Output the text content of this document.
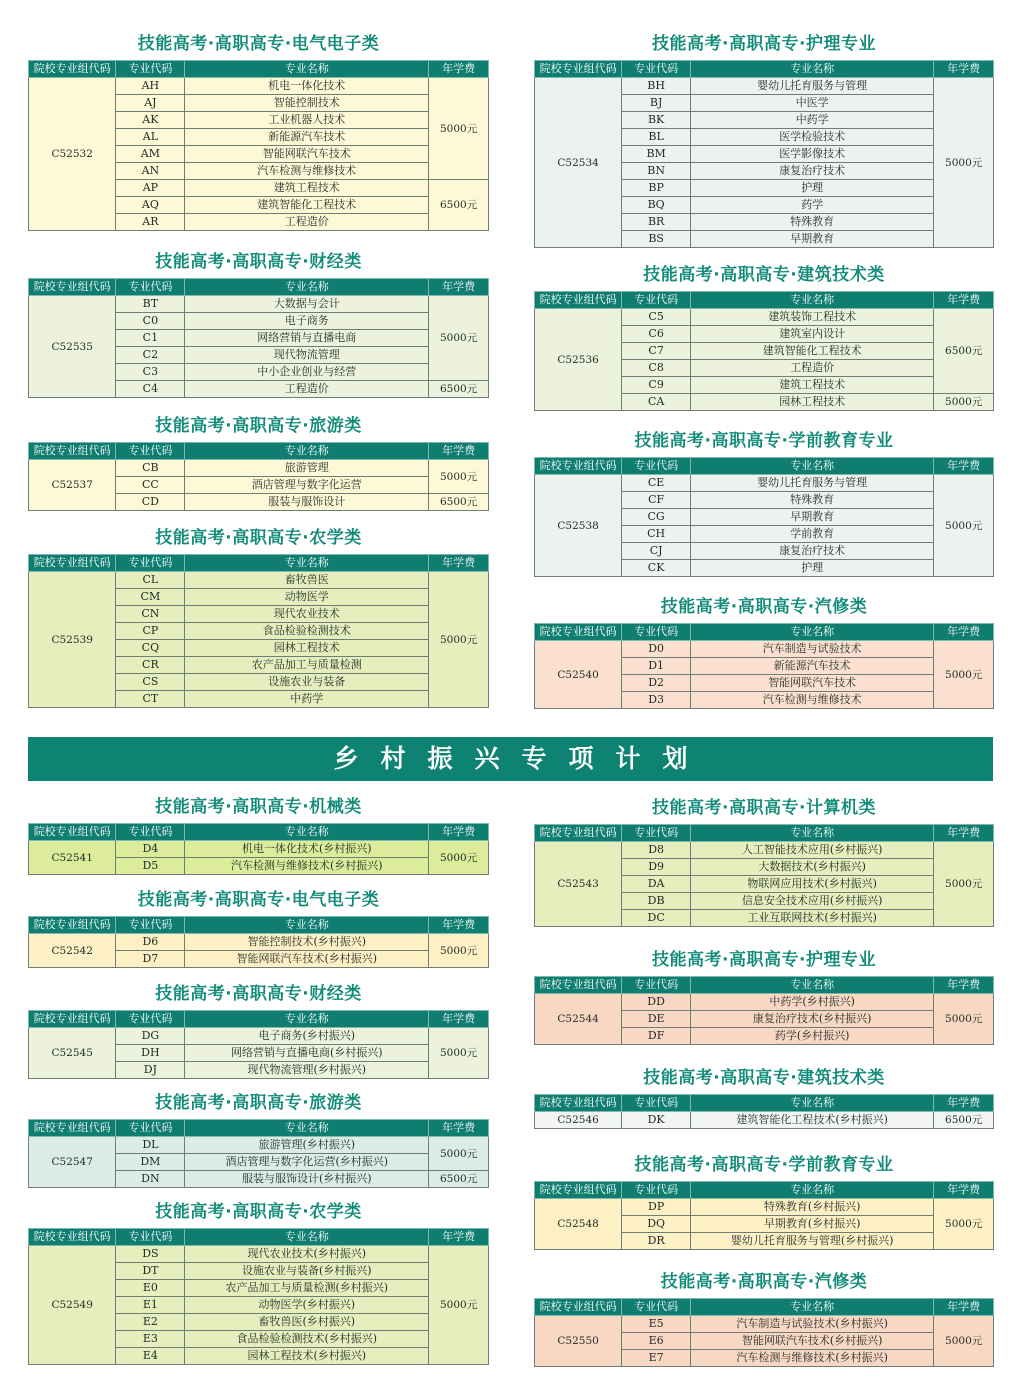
技能高考·高职高专·电气电子类
院校专业组代码	专业代码	专业名称	年学费
C52532	AH	机电一体化技术	5000元
	AJ	智能控制技术	
	AK	工业机器人技术	
	AL	新能源汽车技术	
	AM	智能网联汽车技术	
	AN	汽车检测与维修技术	
	AP	建筑工程技术	6500元
	AQ	建筑智能化工程技术	
	AR	工程造价	
技能高考·高职高专·财经类
院校专业组代码	专业代码	专业名称	年学费
C52535	BT	大数据与会计	5000元
	C0	电子商务	
	C1	网络营销与直播电商	
	C2	现代物流管理	
	C3	中小企业创业与经营	
	C4	工程造价	6500元
技能高考·高职高专·旅游类
院校专业组代码	专业代码	专业名称	年学费
C52537	CB	旅游管理	5000元
	CC	酒店管理与数字化运营	
	CD	服装与服饰设计	6500元
技能高考·高职高专·农学类
院校专业组代码	专业代码	专业名称	年学费
C52539	CL	畜牧兽医	5000元
	CM	动物医学	
	CN	现代农业技术	
	CP	食品检验检测技术	
	CQ	园林工程技术	
	CR	农产品加工与质量检测	
	CS	设施农业与装备	
	CT	中药学	
技能高考·高职高专·护理专业
院校专业组代码	专业代码	专业名称	年学费
C52534	BH	婴幼儿托育服务与管理	5000元
	BJ	中医学	
	BK	中药学	
	BL	医学检验技术	
	BM	医学影像技术	
	BN	康复治疗技术	
	BP	护理	
	BQ	药学	
	BR	特殊教育	
	BS	早期教育	
技能高考·高职高专·建筑技术类
院校专业组代码	专业代码	专业名称	年学费
C52536	C5	建筑装饰工程技术	6500元
	C6	建筑室内设计	
	C7	建筑智能化工程技术	
	C8	工程造价	
	C9	建筑工程技术	
	CA	园林工程技术	5000元
技能高考·高职高专·学前教育专业
院校专业组代码	专业代码	专业名称	年学费
C52538	CE	婴幼儿托育服务与管理	5000元
	CF	特殊教育	
	CG	早期教育	
	CH	学前教育	
	CJ	康复治疗技术	
	CK	护理	
技能高考·高职高专·汽修类
院校专业组代码	专业代码	专业名称	年学费
C52540	D0	汽车制造与试验技术	5000元
	D1	新能源汽车技术	
	D2	智能网联汽车技术	
	D3	汽车检测与维修技术	
乡村振兴专项计划
技能高考·高职高专·机械类
院校专业组代码	专业代码	专业名称	年学费
C52541	D4	机电一体化技术(乡村振兴)	5000元
	D5	汽车检测与维修技术(乡村振兴)	
技能高考·高职高专·电气电子类
院校专业组代码	专业代码	专业名称	年学费
C52542	D6	智能控制技术(乡村振兴)	5000元
	D7	智能网联汽车技术(乡村振兴)	
技能高考·高职高专·财经类
院校专业组代码	专业代码	专业名称	年学费
C52545	DG	电子商务(乡村振兴)	5000元
	DH	网络营销与直播电商(乡村振兴)	
	DJ	现代物流管理(乡村振兴)	
技能高考·高职高专·旅游类
院校专业组代码	专业代码	专业名称	年学费
C52547	DL	旅游管理(乡村振兴)	5000元
	DM	酒店管理与数字化运营(乡村振兴)	
	DN	服装与服饰设计(乡村振兴)	6500元
技能高考·高职高专·农学类
院校专业组代码	专业代码	专业名称	年学费
C52549	DS	现代农业技术(乡村振兴)	5000元
	DT	设施农业与装备(乡村振兴)	
	E0	农产品加工与质量检测(乡村振兴)	
	E1	动物医学(乡村振兴)	
	E2	畜牧兽医(乡村振兴)	
	E3	食品检验检测技术(乡村振兴)	
	E4	园林工程技术(乡村振兴)	
技能高考·高职高专·计算机类
院校专业组代码	专业代码	专业名称	年学费
C52543	D8	人工智能技术应用(乡村振兴)	5000元
	D9	大数据技术(乡村振兴)	
	DA	物联网应用技术(乡村振兴)	
	DB	信息安全技术应用(乡村振兴)	
	DC	工业互联网技术(乡村振兴)	
技能高考·高职高专·护理专业
院校专业组代码	专业代码	专业名称	年学费
C52544	DD	中药学(乡村振兴)	5000元
	DE	康复治疗技术(乡村振兴)	
	DF	药学(乡村振兴)	
技能高考·高职高专·建筑技术类
院校专业组代码	专业代码	专业名称	年学费
C52546	DK	建筑智能化工程技术(乡村振兴)	6500元
技能高考·高职高专·学前教育专业
院校专业组代码	专业代码	专业名称	年学费
C52548	DP	特殊教育(乡村振兴)	5000元
	DQ	早期教育(乡村振兴)	
	DR	婴幼儿托育服务与管理(乡村振兴)	
技能高考·高职高专·汽修类
院校专业组代码	专业代码	专业名称	年学费
C52550	E5	汽车制造与试验技术(乡村振兴)	5000元
	E6	智能网联汽车技术(乡村振兴)	
	E7	汽车检测与维修技术(乡村振兴)	
